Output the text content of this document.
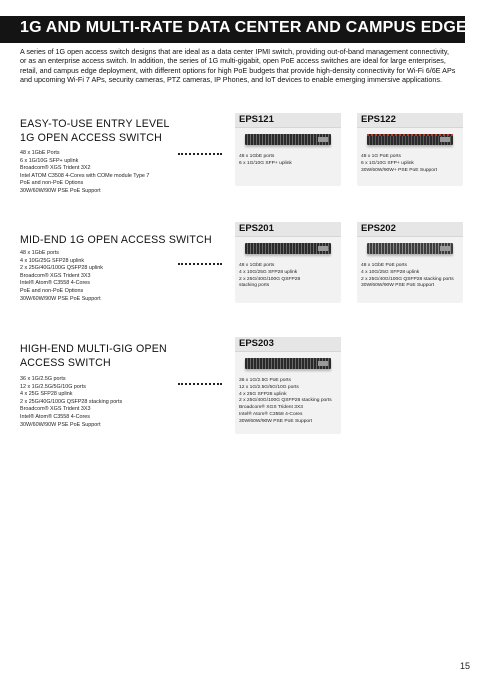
1G AND MULTI-RATE DATA CENTER AND CAMPUS EDGE
A series of 1G open access switch designs that are ideal as a data center IPMI switch, providing out-of-band management connectivity, or as an enterprise access switch. In addition, the series of 1G multi-gigabit, open PoE access switches are ideal for large enterprises, retail, and campus edge deployment, with different options for high PoE budgets that provide high-density connectivity for Wi-Fi 6/6E APs and upcoming Wi-Fi 7 APs, security cameras, PTZ cameras, IP Phones, and IoT devices to enable emerging immersive applications.
EASY-TO-USE ENTRY LEVEL 1G OPEN ACCESS SWITCH
48 x 1GbE Ports
6 x 1G/10G SFP+ uplink
Broadcom® XGS Trident 3X2
Intel ATOM C3508 4-Cores with COMe module Type 7
PoE and non-PoE Options
30W/60W/90W PSE PoE Support
EPS121
48 x 1GbE ports
6 x 1G/10G SFP+ uplink
EPS122
48 x 1G PoE ports
6 x 1G/10G SFP+ uplink
30W/60W/90W+ PSE PoE Support
MID-END 1G OPEN ACCESS SWITCH
48 x 1GbE ports
4 x 10G/25G SFP28 uplink
2 x 25G/40G/100G QSFP28 uplink
Broadcom® XGS Trident 3X3
Intel® Atom® C3558 4-Cores
PoE and non-PoE Options
30W/60W/90W PSE PoE Support
EPS201
48 x 1GbE ports
4 x 10G/25G SFP28 uplink
2 x 25G/40G/100G QSFP28
stacking ports
EPS202
48 x 1GbE PoE ports
4 x 10G/25G SFP28 uplink
2 x 25G/40G/100G QSFP28 stacking ports
30W/60W/90W PSE PoE Support
HIGH-END MULTI-GIG OPEN ACCESS SWITCH
36 x 1G/2.5G ports
12 x 1G/2.5G/5G/10G ports
4 x 25G SFP28 uplink
2 x 25G/40G/100G QSFP28 stacking ports
Broadcom® XGS Trident 3X3
Intel® Atom® C3558 4-Cores
30W/60W/90W PSE PoE Support
EPS203
36 x 1G/2.5G PoE ports
12 x 1G/2.5G/5G/10G ports
4 x 25G SFP28 uplink
2 x 25G/40G/100G QSFP28 stacking ports
Broadcom® XGS Trident 3X3
Intel® Atom® C3558 4-Cores
30W/60W/90W PSE PoE Support
15
